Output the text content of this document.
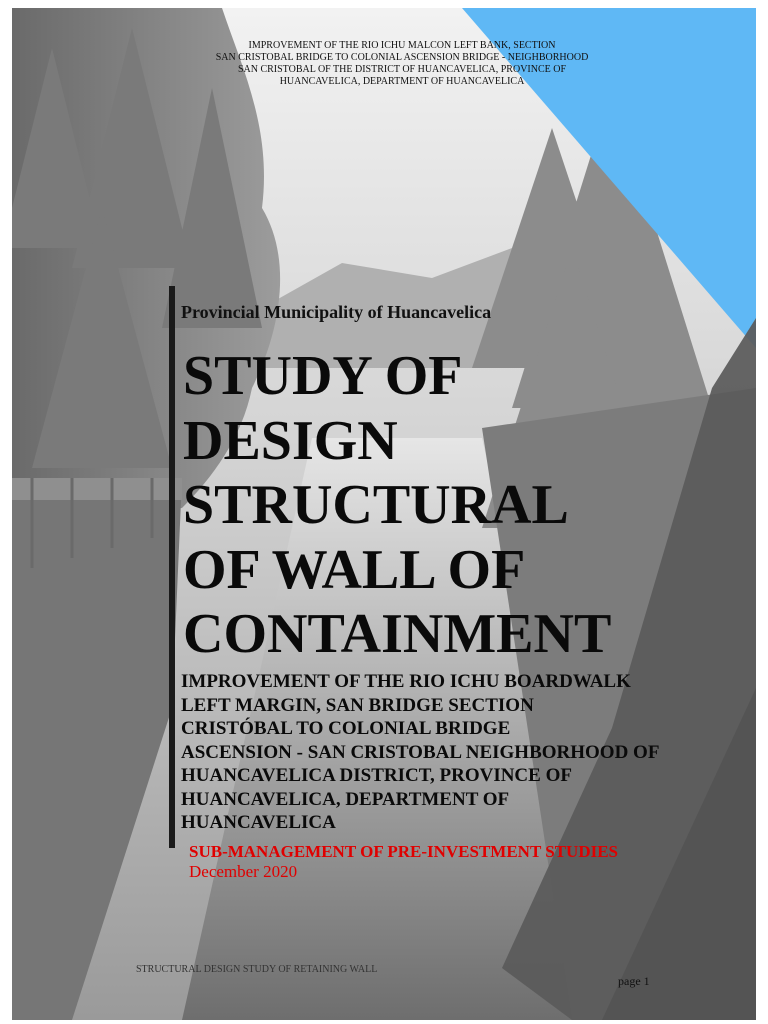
IMPROVEMENT OF THE RIO ICHU MALCON LEFT BANK, SECTION
SAN CRISTOBAL BRIDGE TO COLONIAL ASCENSION BRIDGE - NEIGHBORHOOD
SAN CRISTOBAL OF THE DISTRICT OF HUANCAVELICA, PROVINCE OF
HUANCAVELICA, DEPARTMENT OF HUANCAVELICA
Provincial Municipality of Huancavelica
STUDY OF
DESIGN
STRUCTURAL
OF WALL OF
CONTAINMENT
IMPROVEMENT OF THE RIO ICHU BOARDWALK
LEFT MARGIN, SAN BRIDGE SECTION
CRISTÓBAL TO COLONIAL BRIDGE
ASCENSION - SAN CRISTOBAL NEIGHBORHOOD OF
HUANCAVELICA DISTRICT, PROVINCE OF
HUANCAVELICA, DEPARTMENT OF
HUANCAVELICA
SUB-MANAGEMENT OF PRE-INVESTMENT STUDIES
December 2020
STRUCTURAL DESIGN STUDY OF RETAINING WALL
page 1
